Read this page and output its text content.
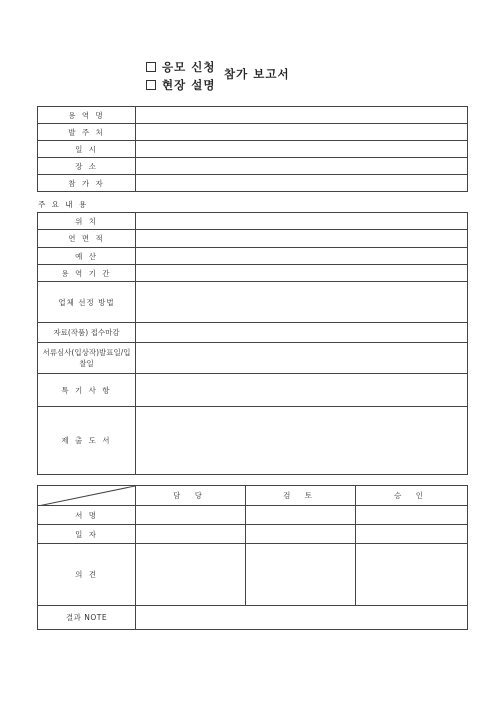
응모 신청
현장 설명
참가 보고서
용 역 명	
발 주 처	
일 시	
장 소	
참 가 자	
주 요 내 용
위 치	
연 면 적	
예 산	
용 역 기 간	
업체 선정 방법	
자료(작품) 접수마감	
서류심사(입상작)발표일/입찰일	
특 기 사 항	
제 출 도 서	
	담 당	검 토	승 인
서 명			
일 자			
의 견			
결과 NOTE			
